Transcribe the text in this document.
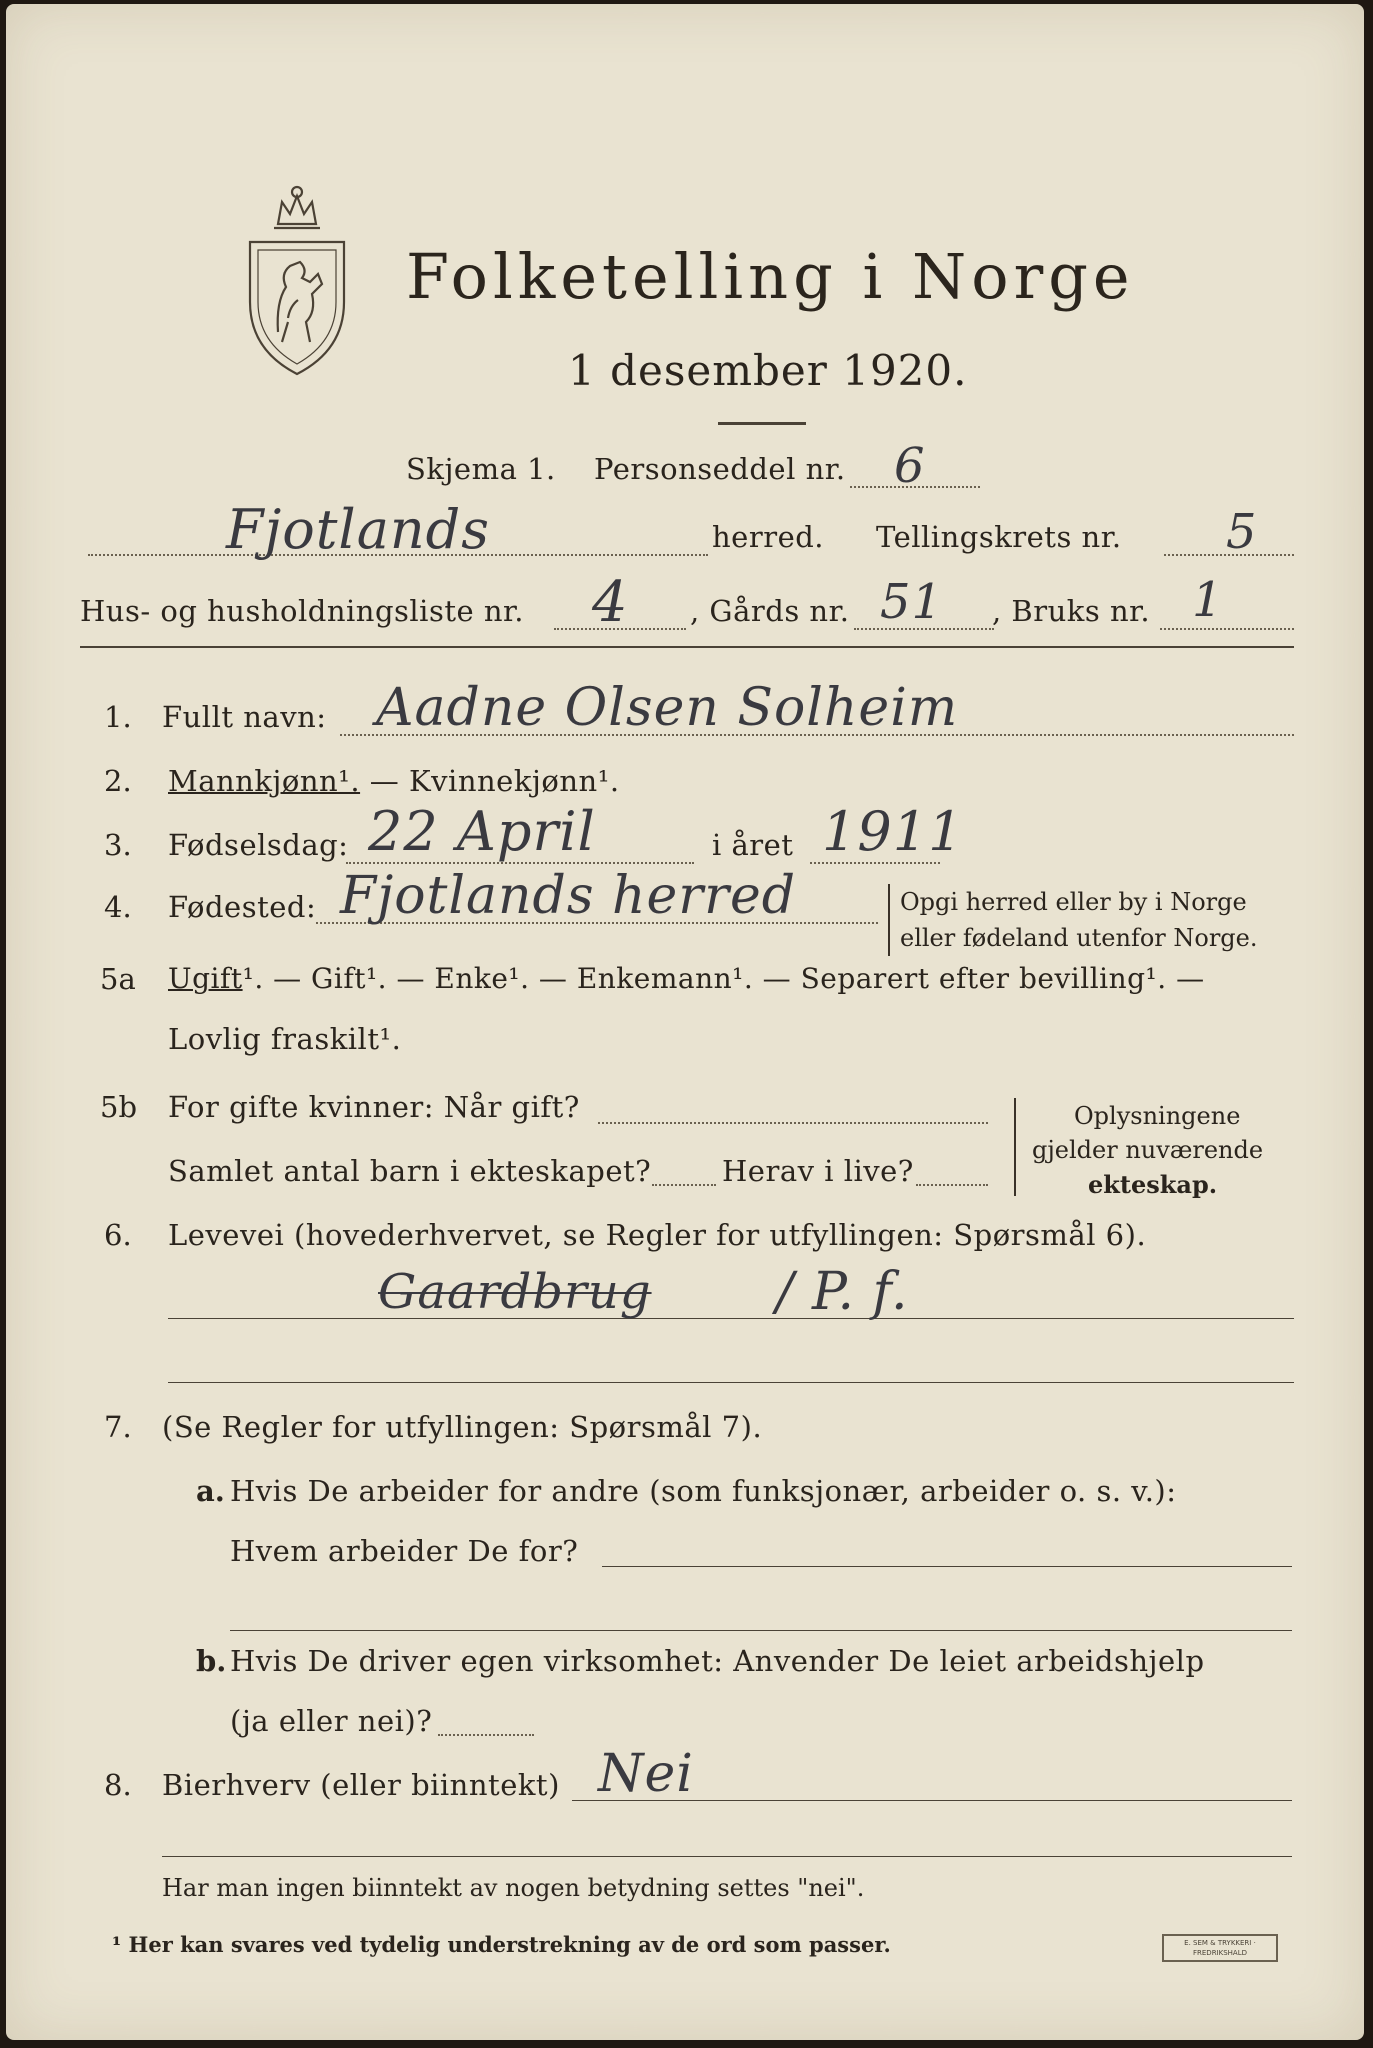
Folketelling i Norge
1 desember 1920.
Skjema 1. Personseddel nr. 6
Fjotlands	herred. Tellingskrets nr. 5
Hus- og husholdningsliste nr. 4 , Gårds nr. 51 , Bruks nr. 1
1. Fullt navn: Aadne Olsen Solheim
2. Mannkjønn¹. — Kvinnekjønn¹.
3. Fødselsdag: 22 April	i året 1911
4. Fødested: Fjotlands herred	Opgi herred eller by i Norge
eller fødeland utenfor Norge.
5a Ugift¹. — Gift¹. — Enke¹. — Enkemann¹. — Separert efter bevilling¹. —
Lovlig fraskilt¹.
5b For gifte kvinner: Når gift?
Samlet antal barn i ekteskapet? Herav i live?
Oplysningene
gjelder nuværende
ekteskap.
6. Levevei (hovederhvervet, se Regler for utfyllingen: Spørsmål 6).
Gaardbrug / P. f.
7. (Se Regler for utfyllingen: Spørsmål 7).
a. Hvis De arbeider for andre (som funksjonær, arbeider o. s. v.):
Hvem arbeider De for?
b. Hvis De driver egen virksomhet: Anvender De leiet arbeidshjelp
(ja eller nei)?
8. Bierhverv (eller biinntekt) Nei
Har man ingen biinntekt av nogen betydning settes "nei".
¹ Her kan svares ved tydelig understrekning av de ord som passer.	E. SEM & TRYKKERI · FREDRIKSHALD
